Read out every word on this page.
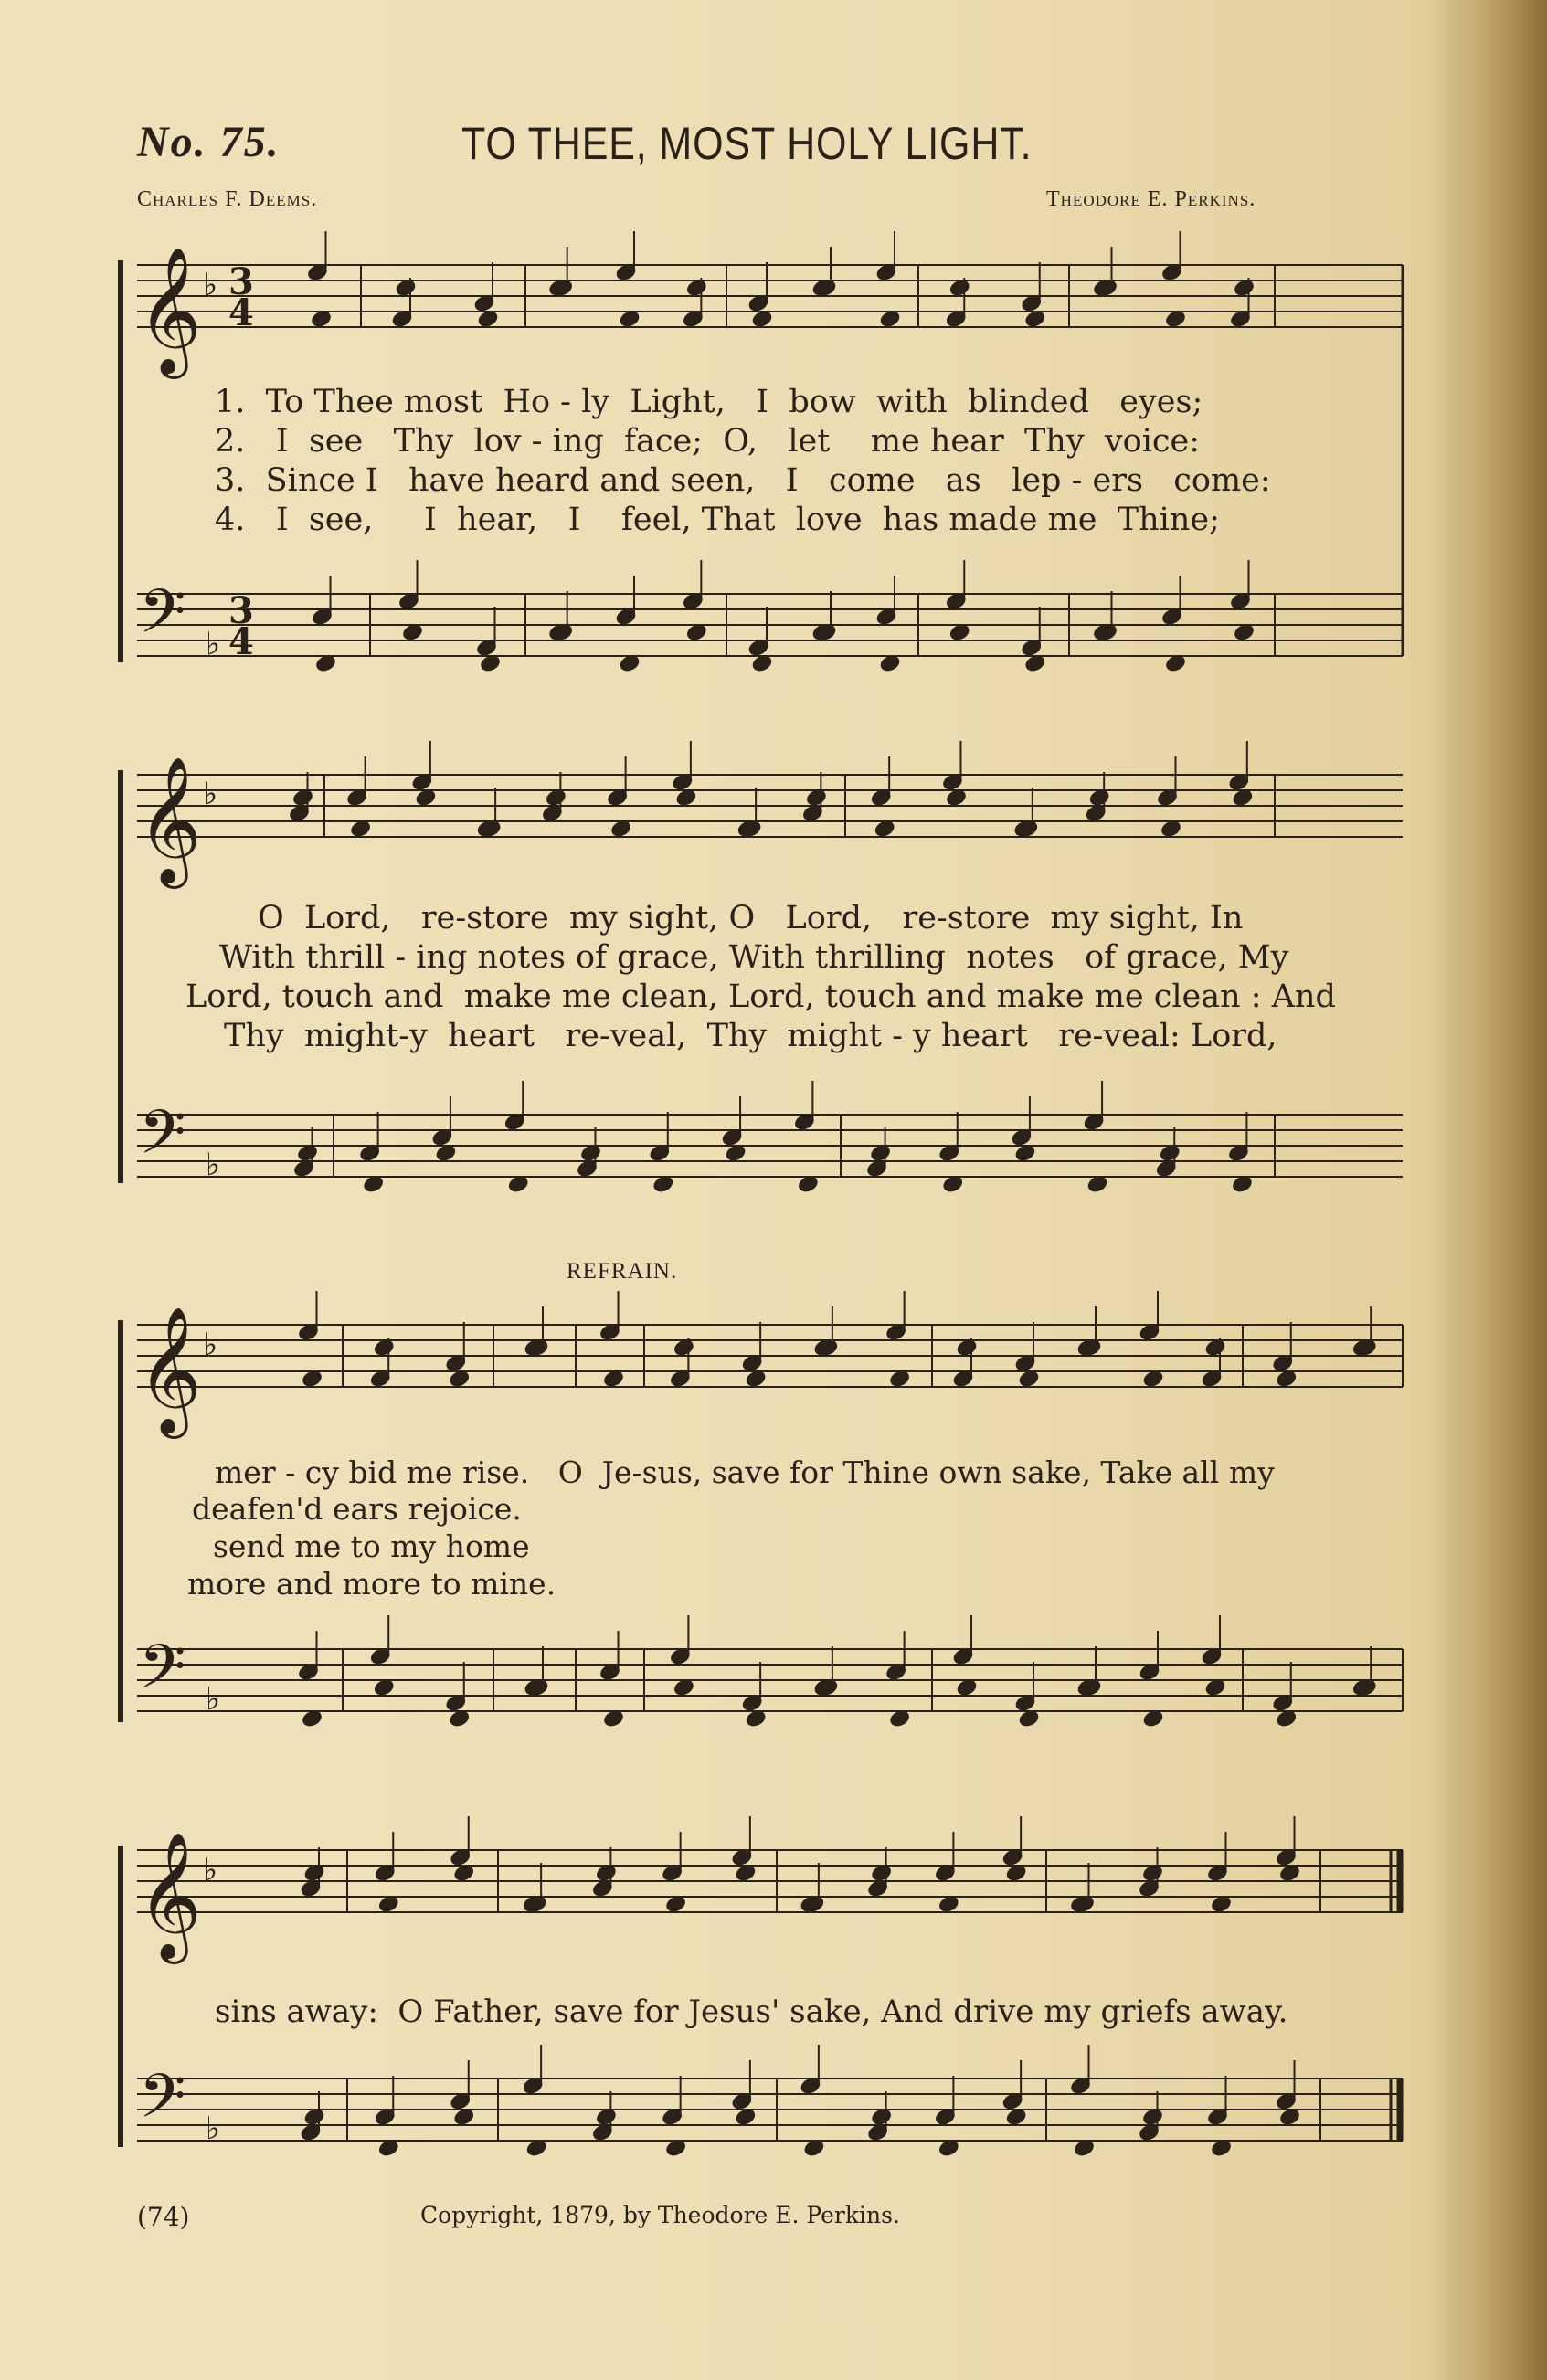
No. 75.	TO THEE, MOST HOLY LIGHT.
Charles F. Deems.	Theodore E. Perkins.
𝄞
𝄢
𝄞
𝄢
𝄞
𝄢
𝄞
𝄢
♭
♭
♭
♭
♭
♭
♭
♭
3
4
3
4
1.  To Thee most  Ho - ly  Light,   I  bow  with  blinded   eyes;
2.   I  see   Thy  lov - ing  face;  O,   let    me hear  Thy  voice:
3.  Since I   have heard and seen,   I   come   as   lep - ers   come:
4.   I  see,     I  hear,   I    feel, That  love  has made me  Thine;
O  Lord,   re-store  my sight, O   Lord,   re-store  my sight, In
With thrill - ing notes of grace, With thrilling  notes   of grace, My
Lord, touch and  make me clean, Lord, touch and make me clean : And
Thy  might-y  heart   re-veal,  Thy  might - y heart   re-veal: Lord,
REFRAIN.
mer - cy bid me rise.   O  Je-sus, save for Thine own sake, Take all my
deafen'd ears rejoice.
send me to my home
more and more to mine.
sins away:  O Father, save for Jesus' sake, And drive my griefs away.
(74)	Copyright, 1879, by Theodore E. Perkins.
